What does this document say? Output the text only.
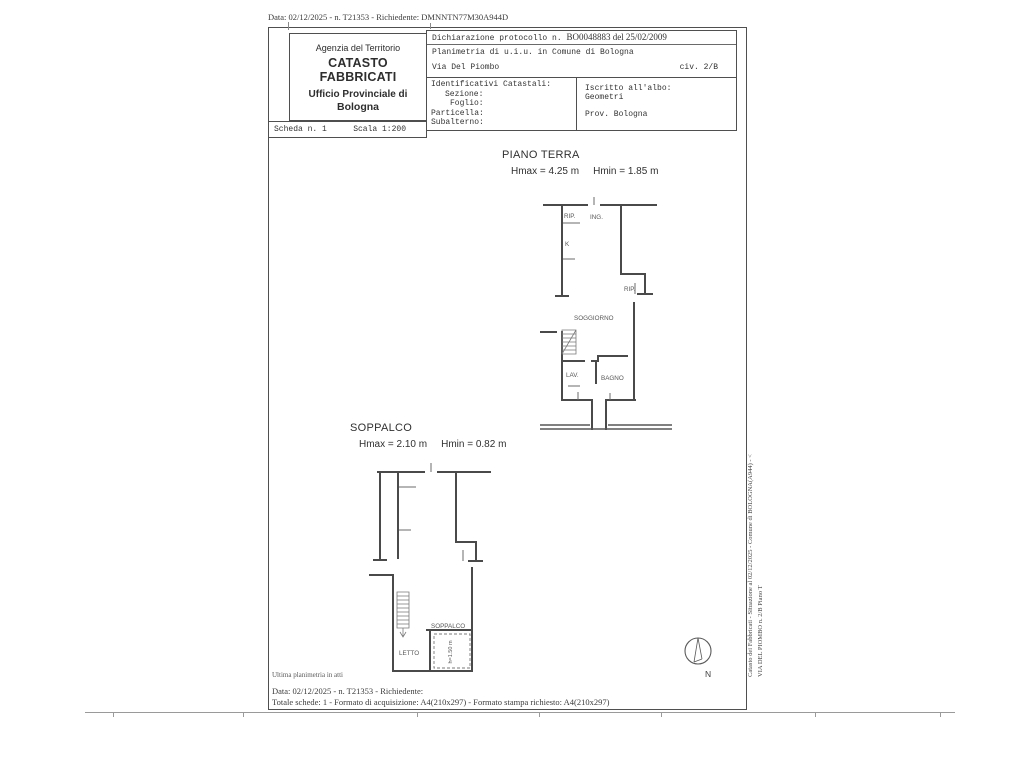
Data: 02/12/2025 - n. T21353 - Richiedente: DMNNTN77M30A944D
Agenzia del Territorio
CATASTO FABBRICATI
Ufficio Provinciale di
Bologna
Scheda n. 1	Scala 1:200
Dichiarazione protocollo n. BO0048883 del 25/02/2009
Planimetria di u.i.u. in Comune di Bologna
Via Del Piombo	civ. 2/B
Identificativi Catastali:
Sezione:
Foglio:
Particella:
Subalterno:
Iscritto all'albo:
Geometri
Prov. Bologna
PIANO TERRA
Hmax = 4.25 m Hmin = 1.85 m
RIP. ING.
K
RIP.
SOGGIORNO
LAV.	BAGNO
SOPPALCO
Hmax = 2.10 m Hmin = 0.82 m
SOPPALCO
LETTO	h=1.50 m
N	Catasto dei Fabbricati - Situazione al 02/12/2025 - Comune di BOLOGNA(A944) - < VIA DEL PIOMBO n. 2/B Piano T
Ultima planimetria in atti
Data: 02/12/2025 - n. T21353 - Richiedente:
Totale schede: 1 - Formato di acquisizione: A4(210x297) - Formato stampa richiesto: A4(210x297)
